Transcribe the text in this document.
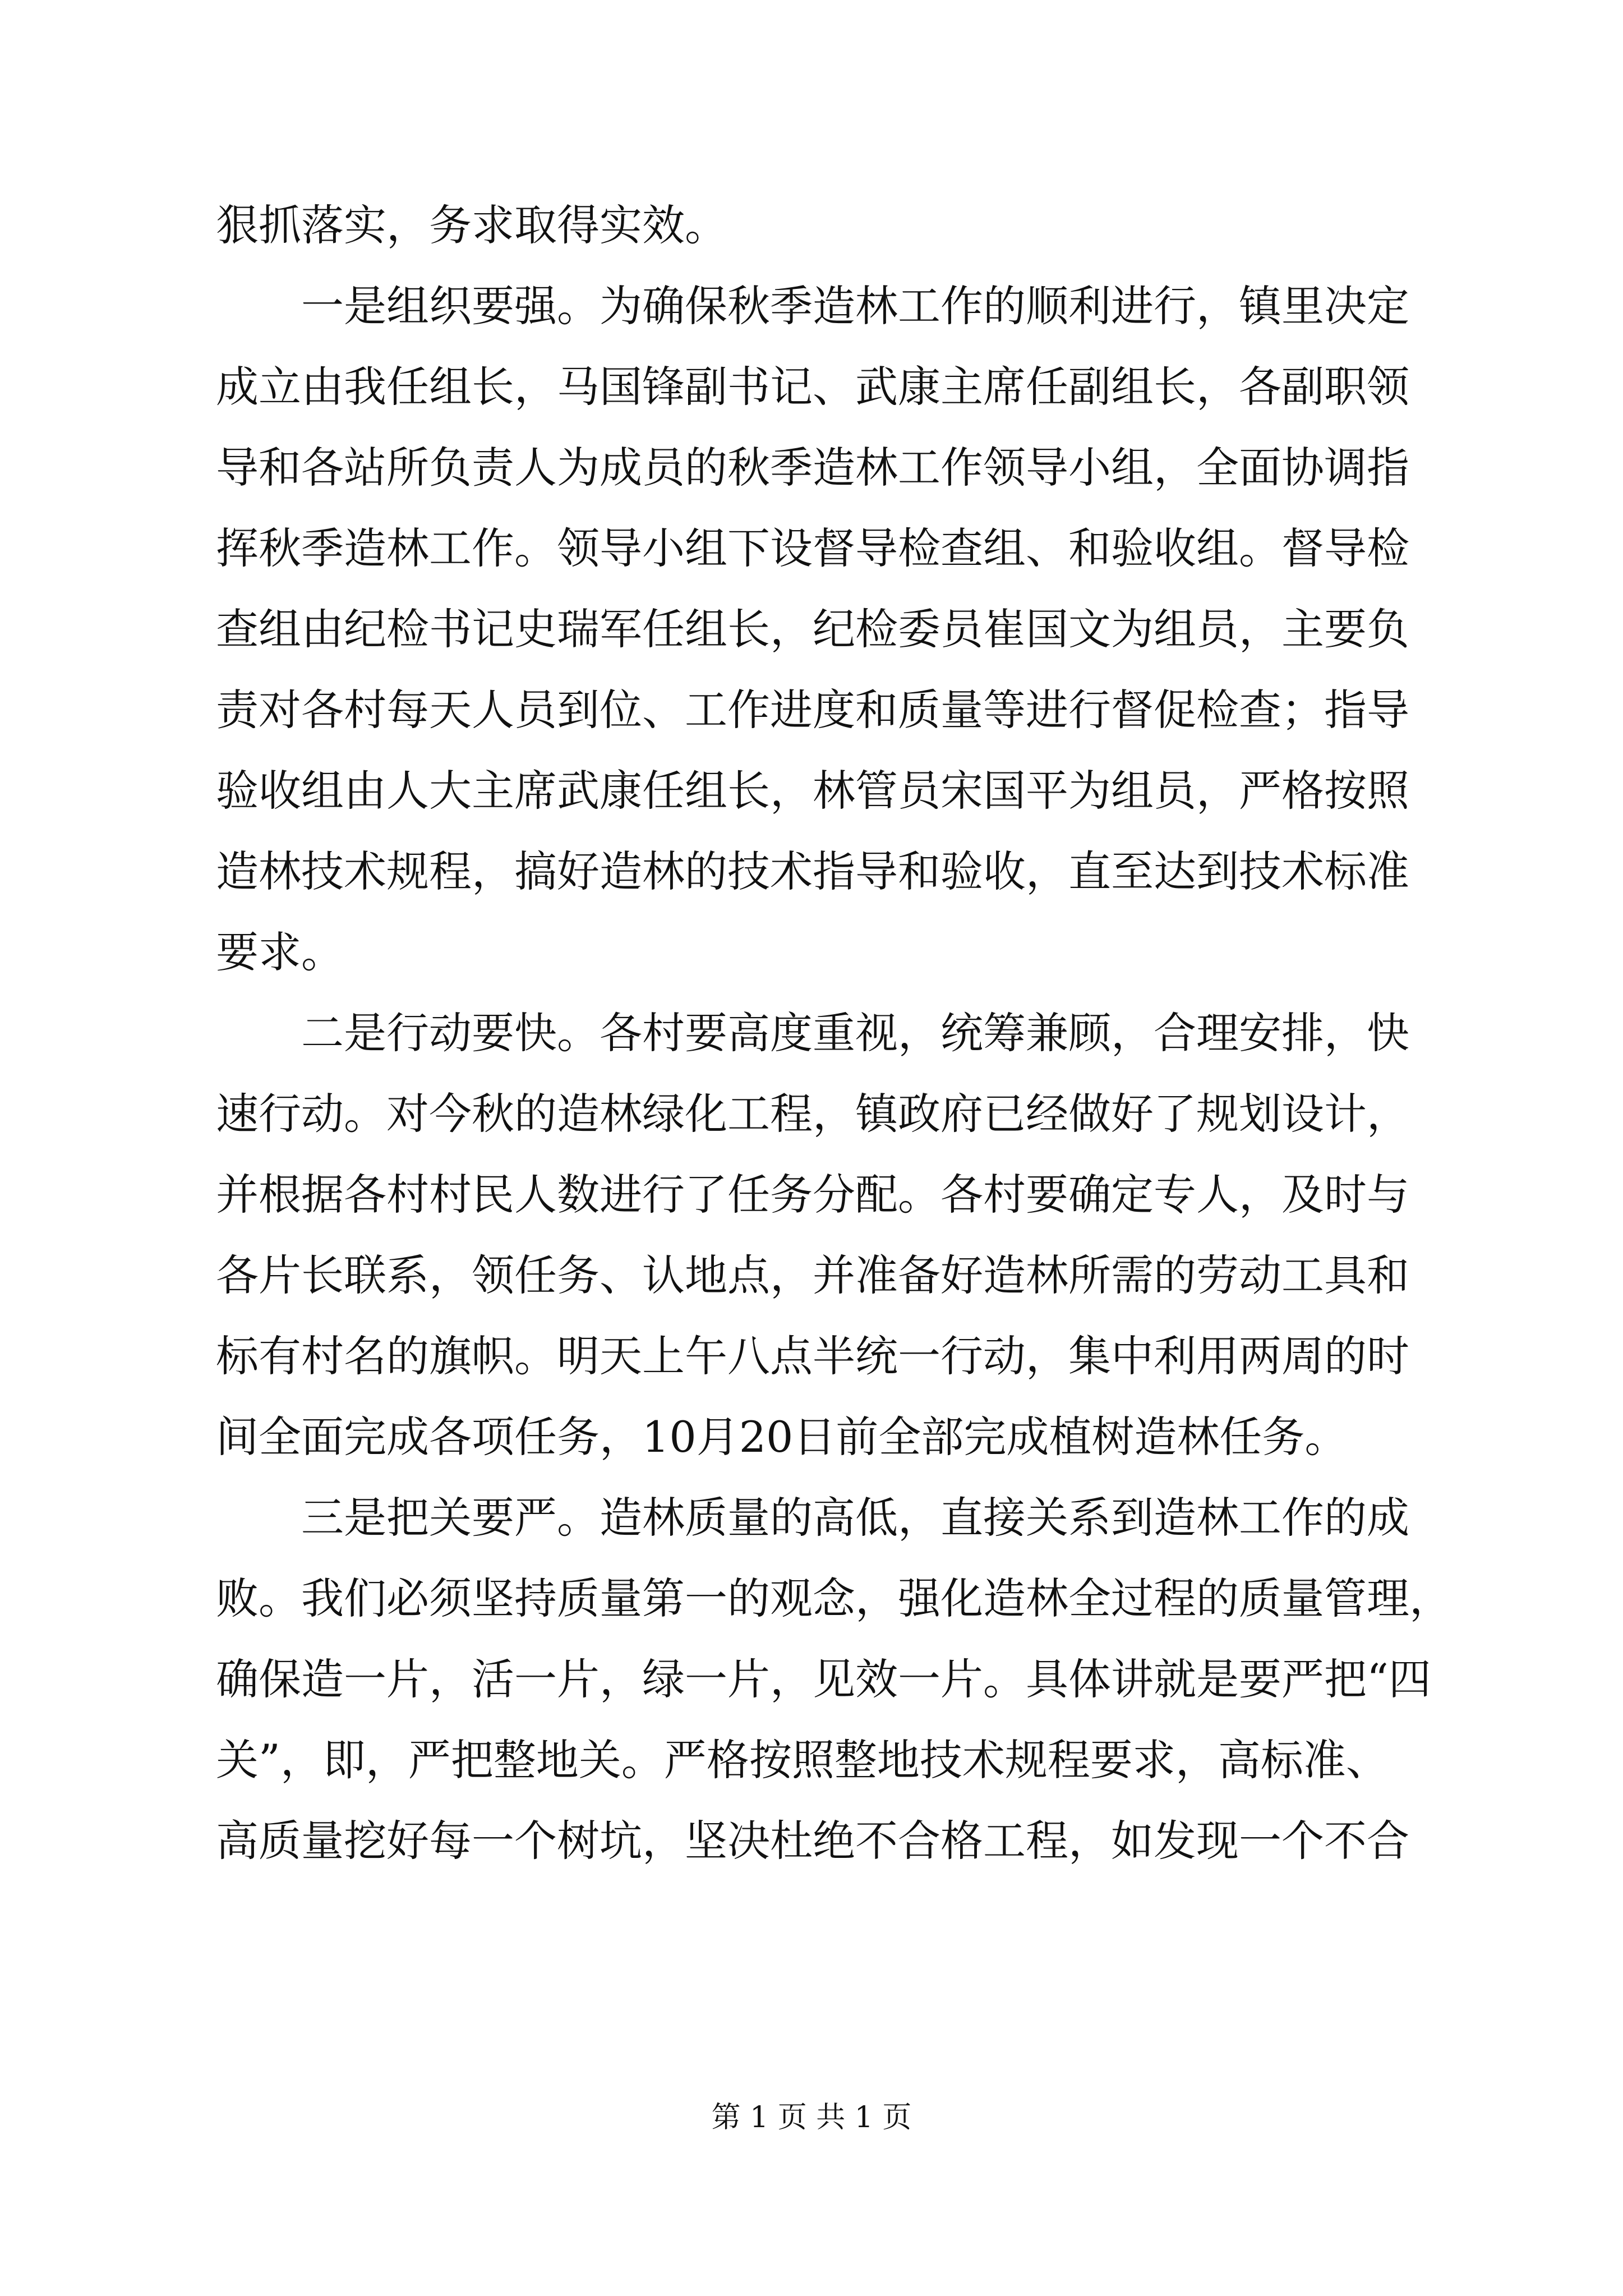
狠抓落实，务求取得实效。
一是组织要强。为确保秋季造林工作的顺利进行，镇里决定
成立由我任组长，马国锋副书记、武康主席任副组长，各副职领
导和各站所负责人为成员的秋季造林工作领导小组，全面协调指
挥秋季造林工作。领导小组下设督导检查组、和验收组。督导检
查组由纪检书记史瑞军任组长，纪检委员崔国文为组员，主要负
责对各村每天人员到位、工作进度和质量等进行督促检查；指导
验收组由人大主席武康任组长，林管员宋国平为组员，严格按照
造林技术规程，搞好造林的技术指导和验收，直至达到技术标准
要求。
二是行动要快。各村要高度重视，统筹兼顾，合理安排，快
速行动。对今秋的造林绿化工程，镇政府已经做好了规划设计，
并根据各村村民人数进行了任务分配。各村要确定专人，及时与
各片长联系，领任务、认地点，并准备好造林所需的劳动工具和
标有村名的旗帜。明天上午八点半统一行动，集中利用两周的时
间全面完成各项任务，10月20日前全部完成植树造林任务。
三是把关要严。造林质量的高低，直接关系到造林工作的成
败。我们必须坚持质量第一的观念，强化造林全过程的质量管理，
确保造一片，活一片，绿一片，见效一片。具体讲就是要严把“四
关”，即，严把整地关。严格按照整地技术规程要求，高标准、
高质量挖好每一个树坑，坚决杜绝不合格工程，如发现一个不合
第 1 页 共 1 页
